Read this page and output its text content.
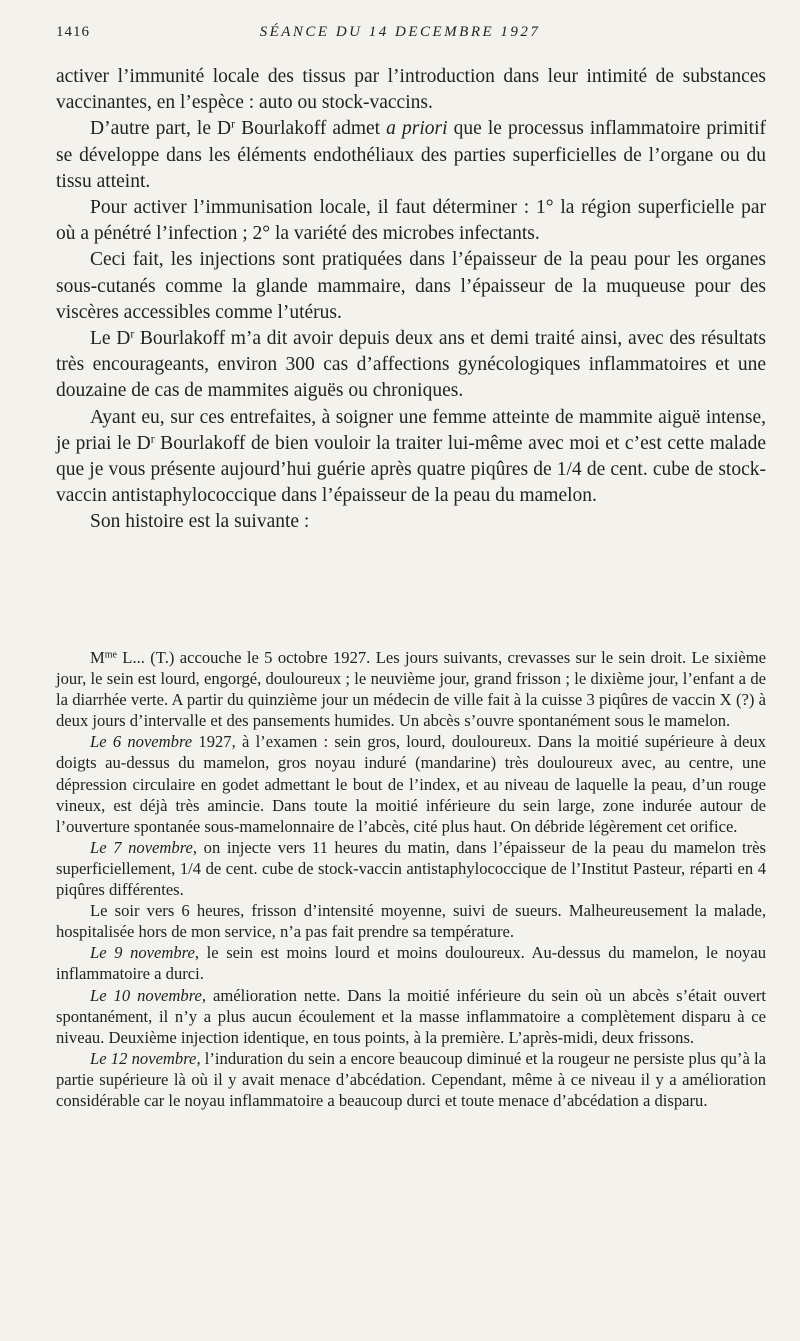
1416	SÉANCE DU 14 DECEMBRE 1927

activer l’immunité locale des tissus par l’introduction dans leur intimité de substances vaccinantes, en l’espèce : auto ou stock-vaccins.

D’autre part, le $D^r$ Bourlakoff admet a priori que le processus inflammatoire primitif se développe dans les éléments endothéliaux des parties superficielles de l’organe ou du tissu atteint.

Pour activer l’immunisation locale, il faut déterminer : 1° la région superficielle par où a pénétré l’infection ; 2° la variété des microbes infectants.

Ceci fait, les injections sont pratiquées dans l’épaisseur de la peau pour les organes sous-cutanés comme la glande mammaire, dans l’épaisseur de la muqueuse pour des viscères accessibles comme l’utérus.

Le $D^r$ Bourlakoff m’a dit avoir depuis deux ans et demi traité ainsi, avec des résultats très encourageants, environ 300 cas d’affections gynécologiques inflammatoires et une douzaine de cas de mammites aiguës ou chroniques.

Ayant eu, sur ces entrefaites, à soigner une femme atteinte de mammite aiguë intense, je priai le $D^r$ Bourlakoff de bien vouloir la traiter lui-même avec moi et c’est cette malade que je vous présente aujourd’hui guérie après quatre piqûres de 1/4 de cent. cube de stock-vaccin antistaphylococcique dans l’épaisseur de la peau du mamelon.

Son histoire est la suivante :

$M^{me}$ L... (T.) accouche le 5 octobre 1927. Les jours suivants, crevasses sur le sein droit. Le sixième jour, le sein est lourd, engorgé, douloureux ; le neuvième jour, grand frisson ; le dixième jour, l’enfant a de la diarrhée verte. A partir du quinzième jour un médecin de ville fait à la cuisse 3 piqûres de vaccin X (?) à deux jours d’intervalle et des pansements humides. Un abcès s’ouvre spontanément sous le mamelon.

Le 6 novembre 1927, à l’examen : sein gros, lourd, douloureux. Dans la moitié supérieure à deux doigts au-dessus du mamelon, gros noyau induré (mandarine) très douloureux avec, au centre, une dépression circulaire en godet admettant le bout de l’index, et au niveau de laquelle la peau, d’un rouge vineux, est déjà très amincie. Dans toute la moitié inférieure du sein large, zone indurée autour de l’ouverture spontanée sous-mamelonnaire de l’abcès, cité plus haut. On débride légèrement cet orifice.

Le 7 novembre, on injecte vers 11 heures du matin, dans l’épaisseur de la peau du mamelon très superficiellement, 1/4 de cent. cube de stock-vaccin antistaphylococcique de l’Institut Pasteur, réparti en 4 piqûres différentes.

Le soir vers 6 heures, frisson d’intensité moyenne, suivi de sueurs. Malheureusement la malade, hospitalisée hors de mon service, n’a pas fait prendre sa température.

Le 9 novembre, le sein est moins lourd et moins douloureux. Au-dessus du mamelon, le noyau inflammatoire a durci.

Le 10 novembre, amélioration nette. Dans la moitié inférieure du sein où un abcès s’était ouvert spontanément, il n’y a plus aucun écoulement et la masse inflammatoire a complètement disparu à ce niveau. Deuxième injection identique, en tous points, à la première. L’après-midi, deux frissons.

Le 12 novembre, l’induration du sein a encore beaucoup diminué et la rougeur ne persiste plus qu’à la partie supérieure là où il y avait menace d’abcédation. Cependant, même à ce niveau il y a amélioration considérable car le noyau inflammatoire a beaucoup durci et toute menace d’abcédation a disparu.
